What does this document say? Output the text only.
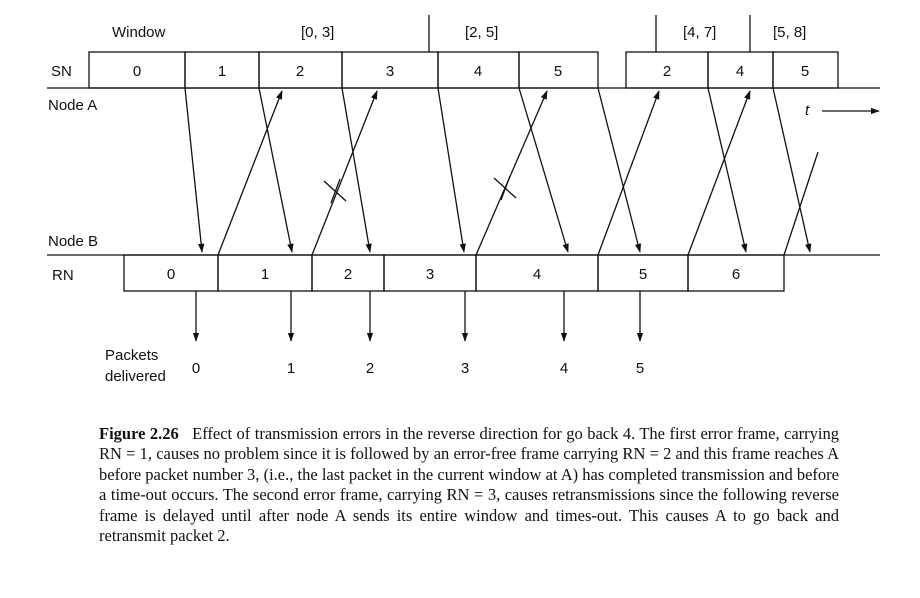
Window	[0, 3]	[2, 5]	[4, 7]	[5, 8]
SN	0	1	2	3	4	5	2	4	5
Node A	t
Node B
RN	0	1	2	3	4	5	6
Packets
delivered 0	1	2	3	4	5

Figure 2.26 Effect of transmission errors in the reverse direction for go back 4. The first error frame, carrying RN = 1, causes no problem since it is followed by an error-free frame carrying RN = 2 and this frame reaches A before packet number 3, (i.e., the last packet in the current window at A) has completed transmission and before a time-out occurs. The second error frame, carrying RN = 3, causes retransmissions since the following reverse frame is delayed until after node A sends its entire window and times-out. This causes A to go back and retransmit packet 2.
